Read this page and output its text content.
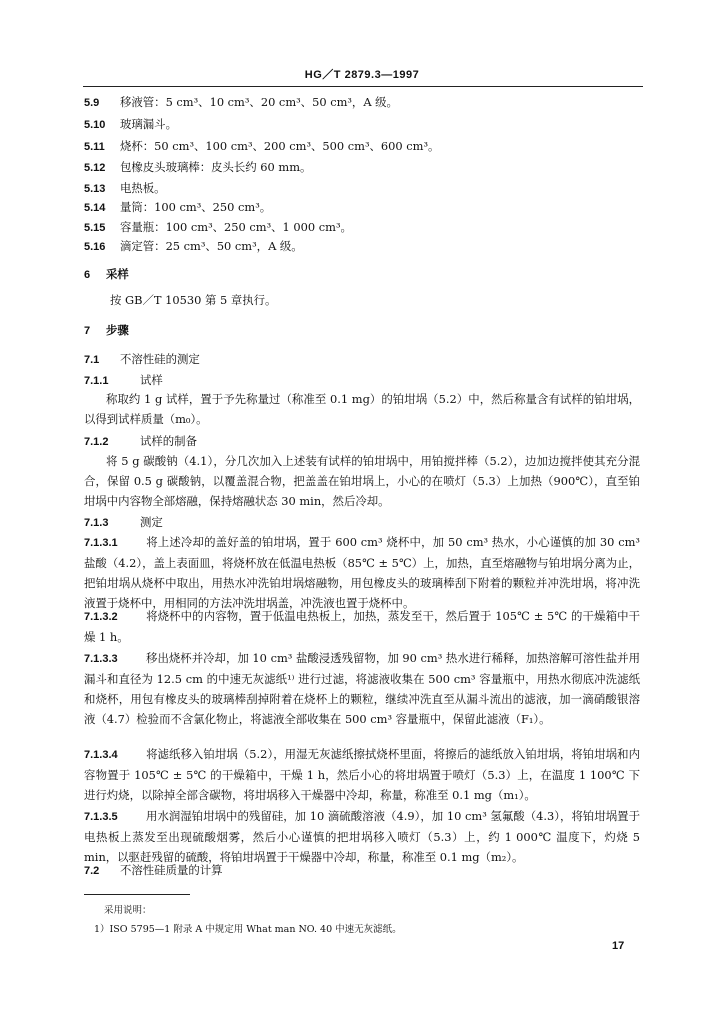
HG／T 2879.3—1997
5.9 移液管：5 cm³、10 cm³、20 cm³、50 cm³，A 级。
5.10 玻璃漏斗。
5.11 烧杯：50 cm³、100 cm³、200 cm³、500 cm³、600 cm³。
5.12 包橡皮头玻璃棒：皮头长约 60 mm。
5.13 电热板。
5.14 量筒：100 cm³、250 cm³。
5.15 容量瓶：100 cm³、250 cm³、1 000 cm³。
5.16 滴定管：25 cm³、50 cm³，A 级。
6 采样
按 GB／T 10530 第 5 章执行。
7 步骤
7.1 不溶性硅的测定
7.1.1	试样
称取约 1 g 试样，置于予先称量过（称准至 0.1 mg）的铂坩埚（5.2）中，然后称量含有试样的铂坩埚，以得到试样质量（m₀）。
7.1.2	试样的制备
将 5 g 碳酸钠（4.1），分几次加入上述装有试样的铂坩埚中，用铂搅拌棒（5.2），边加边搅拌使其充分混合，保留 0.5 g 碳酸钠，以覆盖混合物，把盖盖在铂坩埚上，小心的在喷灯（5.3）上加热（900℃），直至铂坩埚中内容物全部熔融，保持熔融状态 30 min，然后冷却。
7.1.3	测定
7.1.3.1 将上述冷却的盖好盖的铂坩埚，置于 600 cm³ 烧杯中，加 50 cm³ 热水，小心谨慎的加 30 cm³ 盐酸（4.2），盖上表面皿，将烧杯放在低温电热板（85℃ ± 5℃）上，加热，直至熔融物与铂坩埚分离为止，把铂坩埚从烧杯中取出，用热水冲洗铂坩埚熔融物，用包橡皮头的玻璃棒刮下附着的颗粒并冲洗坩埚，将冲洗液置于烧杯中，用相同的方法冲洗坩埚盖，冲洗液也置于烧杯中。
7.1.3.2 将烧杯中的内容物，置于低温电热板上，加热，蒸发至干，然后置于 105℃ ± 5℃ 的干燥箱中干燥 1 h。
7.1.3.3 移出烧杯并冷却，加 10 cm³ 盐酸浸透残留物，加 90 cm³ 热水进行稀释，加热溶解可溶性盐并用漏斗和直径为 12.5 cm 的中速无灰滤纸¹⁾ 进行过滤，将滤液收集在 500 cm³ 容量瓶中，用热水彻底冲洗滤纸和烧杯，用包有橡皮头的玻璃棒刮掉附着在烧杯上的颗粒，继续冲洗直至从漏斗流出的滤液，加一滴硝酸银溶液（4.7）检验而不含氯化物止，将滤液全部收集在 500 cm³ 容量瓶中，保留此滤液（F₁）。
7.1.3.4 将滤纸移入铂坩埚（5.2），用湿无灰滤纸擦拭烧杯里面，将擦后的滤纸放入铂坩埚，将铂坩埚和内容物置于 105℃ ± 5℃ 的干燥箱中，干燥 1 h，然后小心的将坩埚置于喷灯（5.3）上，在温度 1 100℃ 下进行灼烧，以除掉全部含碳物，将坩埚移入干燥器中冷却，称量，称准至 0.1 mg（m₁）。
7.1.3.5 用水润湿铂坩埚中的残留硅，加 10 滴硫酸溶液（4.9），加 10 cm³ 氢氟酸（4.3），将铂坩埚置于电热板上蒸发至出现硫酸烟雾，然后小心谨慎的把坩埚移入喷灯（5.3）上，约 1 000℃ 温度下，灼烧 5 min，以驱赶残留的硫酸，将铂坩埚置于干燥器中冷却，称量，称准至 0.1 mg（m₂）。
7.2 不溶性硅质量的计算
采用说明：
1）ISO 5795—1 附录 A 中规定用 What man NO. 40 中速无灰滤纸。
17
